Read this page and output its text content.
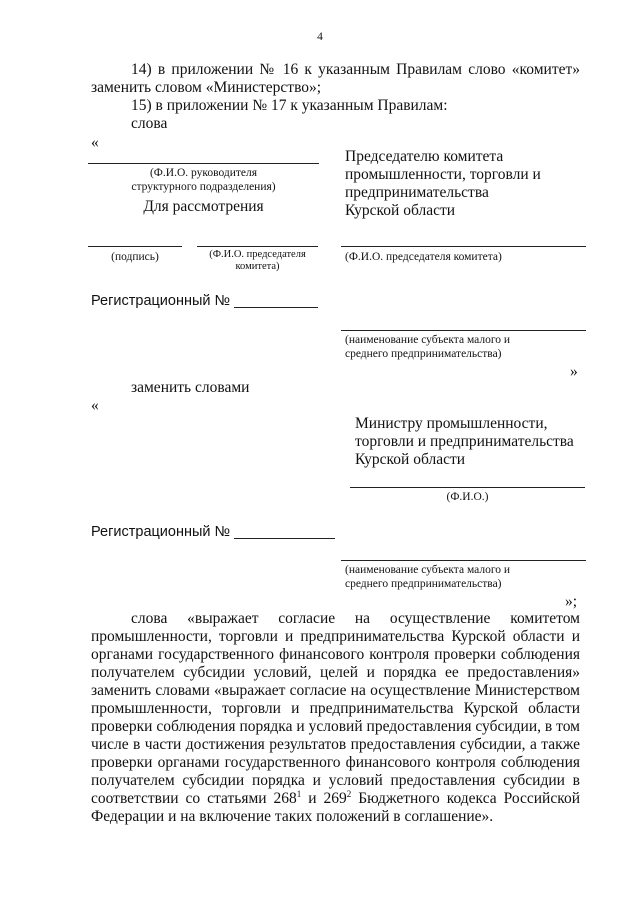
4

14) в приложении № 16 к указанным Правилам слово «комитет»

заменить словом «Министерство»;
15) в приложении № 17 к указанным Правилам:
слова
«
(Ф.И.О. руководителя
структурного подразделения)
Для рассмотрения
Председателю комитета
промышленности, торговли и
предпринимательства
Курской области
(подпись)	(Ф.И.О. председателя
комитета)
(Ф.И.О. председателя комитета)
Регистрационный №
(наименование субъекта малого и
среднего предпринимательства)
»
заменить словами
«
Министру промышленности,
торговли и предпринимательства
Курской области
(Ф.И.О.)
Регистрационный №
(наименование субъекта малого и
среднего предпринимательства)
»;

слова «выражает согласие на осуществление комитетом

промышленности, торговли и предпринимательства Курской области и

органами государственного финансового контроля проверки соблюдения

получателем субсидии условий, целей и порядка ее предоставления»

заменить словами «выражает согласие на осуществление Министерством

промышленности, торговли и предпринимательства Курской области

проверки соблюдения порядка и условий предоставления субсидии, в том

числе в части достижения результатов предоставления субсидии, а также

проверки органами государственного финансового контроля соблюдения

получателем субсидии порядка и условий предоставления субсидии в

соответствии со статьями $268^1$ и $269^2$ Бюджетного кодекса Российской

Федерации и на включение таких положений в соглашение».
